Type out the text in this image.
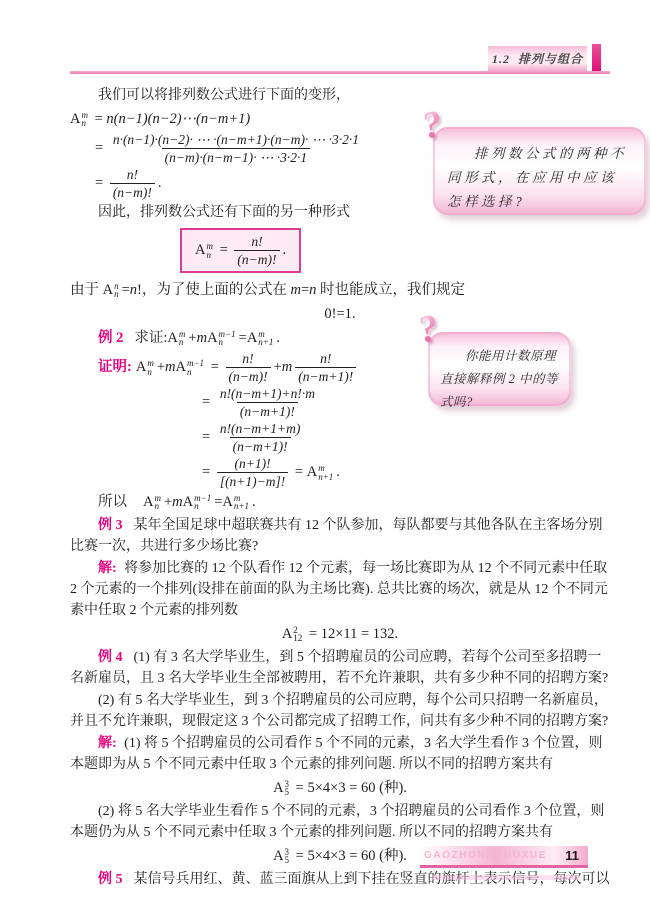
1.2  排列与组合
?
排列数公式的两种不同形式，在应用中应该怎样选择?
?
你能用计数原理直接解释例 2 中的等式吗?

我们可以将排列数公式进行下面的变形，

A m
n = n(n−1)(n−2)⋯(n−m+1)
= $\frac{n\cdot(n-1)\cdot(n-2)\cdot \cdots \cdot(n-m+1)\cdot(n-m)\cdot \cdots \cdot 3\cdot 2\cdot 1}{(n-m)\cdot(n-m-1)\cdot \cdots \cdot 3\cdot 2\cdot 1}$
= $\frac{n!}{(n-m)!}$ .

因此，排列数公式还有下面的另一种形式

A m
$n = \frac{n!}{(n-m)!}$ .
由于 A n
n = n !，为了使上面的公式在 m = n 时也能成立，我们规定
0!=1.
例 2 求证: A m
n + m A m−1
n = A m
n+1 .
证明: A m
n + m A m−1
$n = \frac{n!}{(n-m)!} + m \frac{n!}{(n-m+1)!}$
= $\frac{n!(n-m+1)+n!\cdot m}{(n-m+1)!}$
= $\frac{n!(n-m+1+m)}{(n-m+1)!}$
= $\frac{(n+1)!}{[(n+1)-m]!} = A$ m
n+1 .
所以 A m
n + m A m−1
n = A m
n+1 .

例 3 某年全国足球中超联赛共有 12 个队参加，每队都要与其他各队在主客场分别比赛一次，共进行多少场比赛?

解: 将参加比赛的 12 个队看作 12 个元素，每一场比赛即为从 12 个不同元素中任取 2 个元素的一个排列(设排在前面的队为主场比赛). 总共比赛的场次，就是从 12 个不同元素中任取 2 个元素的排列数

A 2
12 = 12×11 = 132.

例 4 (1) 有 3 名大学毕业生，到 5 个招聘雇员的公司应聘，若每个公司至多招聘一名新雇员，且 3 名大学毕业生全部被聘用，若不允许兼职，共有多少种不同的招聘方案?

(2) 有 5 名大学毕业生，到 3 个招聘雇员的公司应聘，每个公司只招聘一名新雇员，并且不允许兼职，现假定这 3 个公司都完成了招聘工作，问共有多少种不同的招聘方案?

解: (1) 将 5 个招聘雇员的公司看作 5 个不同的元素，3 名大学生看作 3 个位置，则本题即为从 5 个不同元素中任取 3 个元素的排列问题. 所以不同的招聘方案共有

A 3
5 = 5×4×3 = 60 (种).

(2) 将 5 名大学毕业生看作 5 个不同的元素，3 个招聘雇员的公司看作 3 个位置，则本题仍为从 5 个不同元素中任取 3 个元素的排列问题. 所以不同的招聘方案共有

A 3
5 = 5×4×3 = 60 (种).

例 5 某信号兵用红、黄、蓝三面旗从上到下挂在竖直的旗杆上表示信号，每次可以

GAOZHONGSHUXUE 11
